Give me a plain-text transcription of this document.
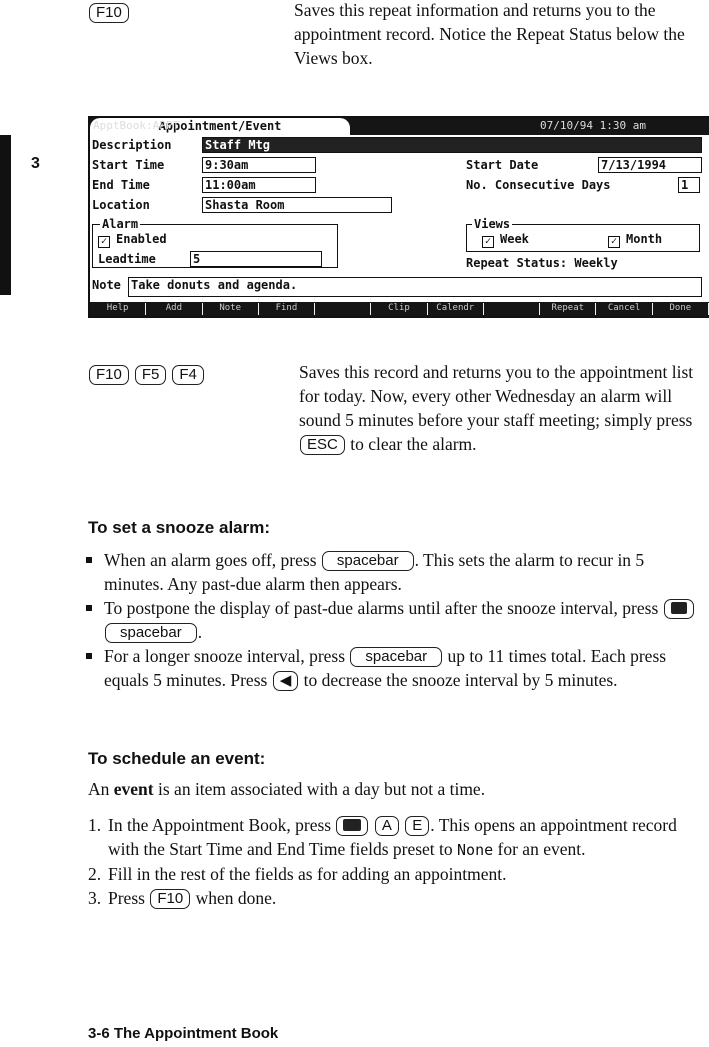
3
F10	Saves this repeat information and returns you to the appointment record. Notice the Repeat Status below the Views box.
ApptBook:APPT
Appointment/Event	07/10/94 1:30 am
Description	Staff Mtg
Start Time	9:30am
End Time	11:00am
Location	Shasta Room
Start Date	7/13/1994
No. Consecutive Days	1
Alarm
✓ Enabled
Leadtime	5
Views
✓ Week	✓ Month
Repeat Status: Weekly
Note Take donuts and agenda.
Help	Add	Note	Find	Clip	Calendr	Repeat	Cancel	Done
F10 F5 F4	Saves this record and returns you to the appointment list for today. Now, every other Wednesday an alarm will sound 5 minutes before your staff meeting; simply press ESC to clear the alarm.
To set a snooze alarm:
When an alarm goes off, press spacebar . This sets the alarm to recur in 5 minutes. Any past-due alarm then appears.
To postpone the display of past-due alarms until after the snooze interval, press  spacebar .
For a longer snooze interval, press spacebar up to 11 times total. Each press equals 5 minutes. Press ◀ to decrease the snooze interval by 5 minutes.
To schedule an event:
An event is an item associated with a day but not a time.
1. In the Appointment Book, press	A E . This opens an appointment record with the Start Time and End Time fields preset to None for an event.
2. Fill in the rest of the fields as for adding an appointment.
3. Press F10 when done.
3-6 The Appointment Book
